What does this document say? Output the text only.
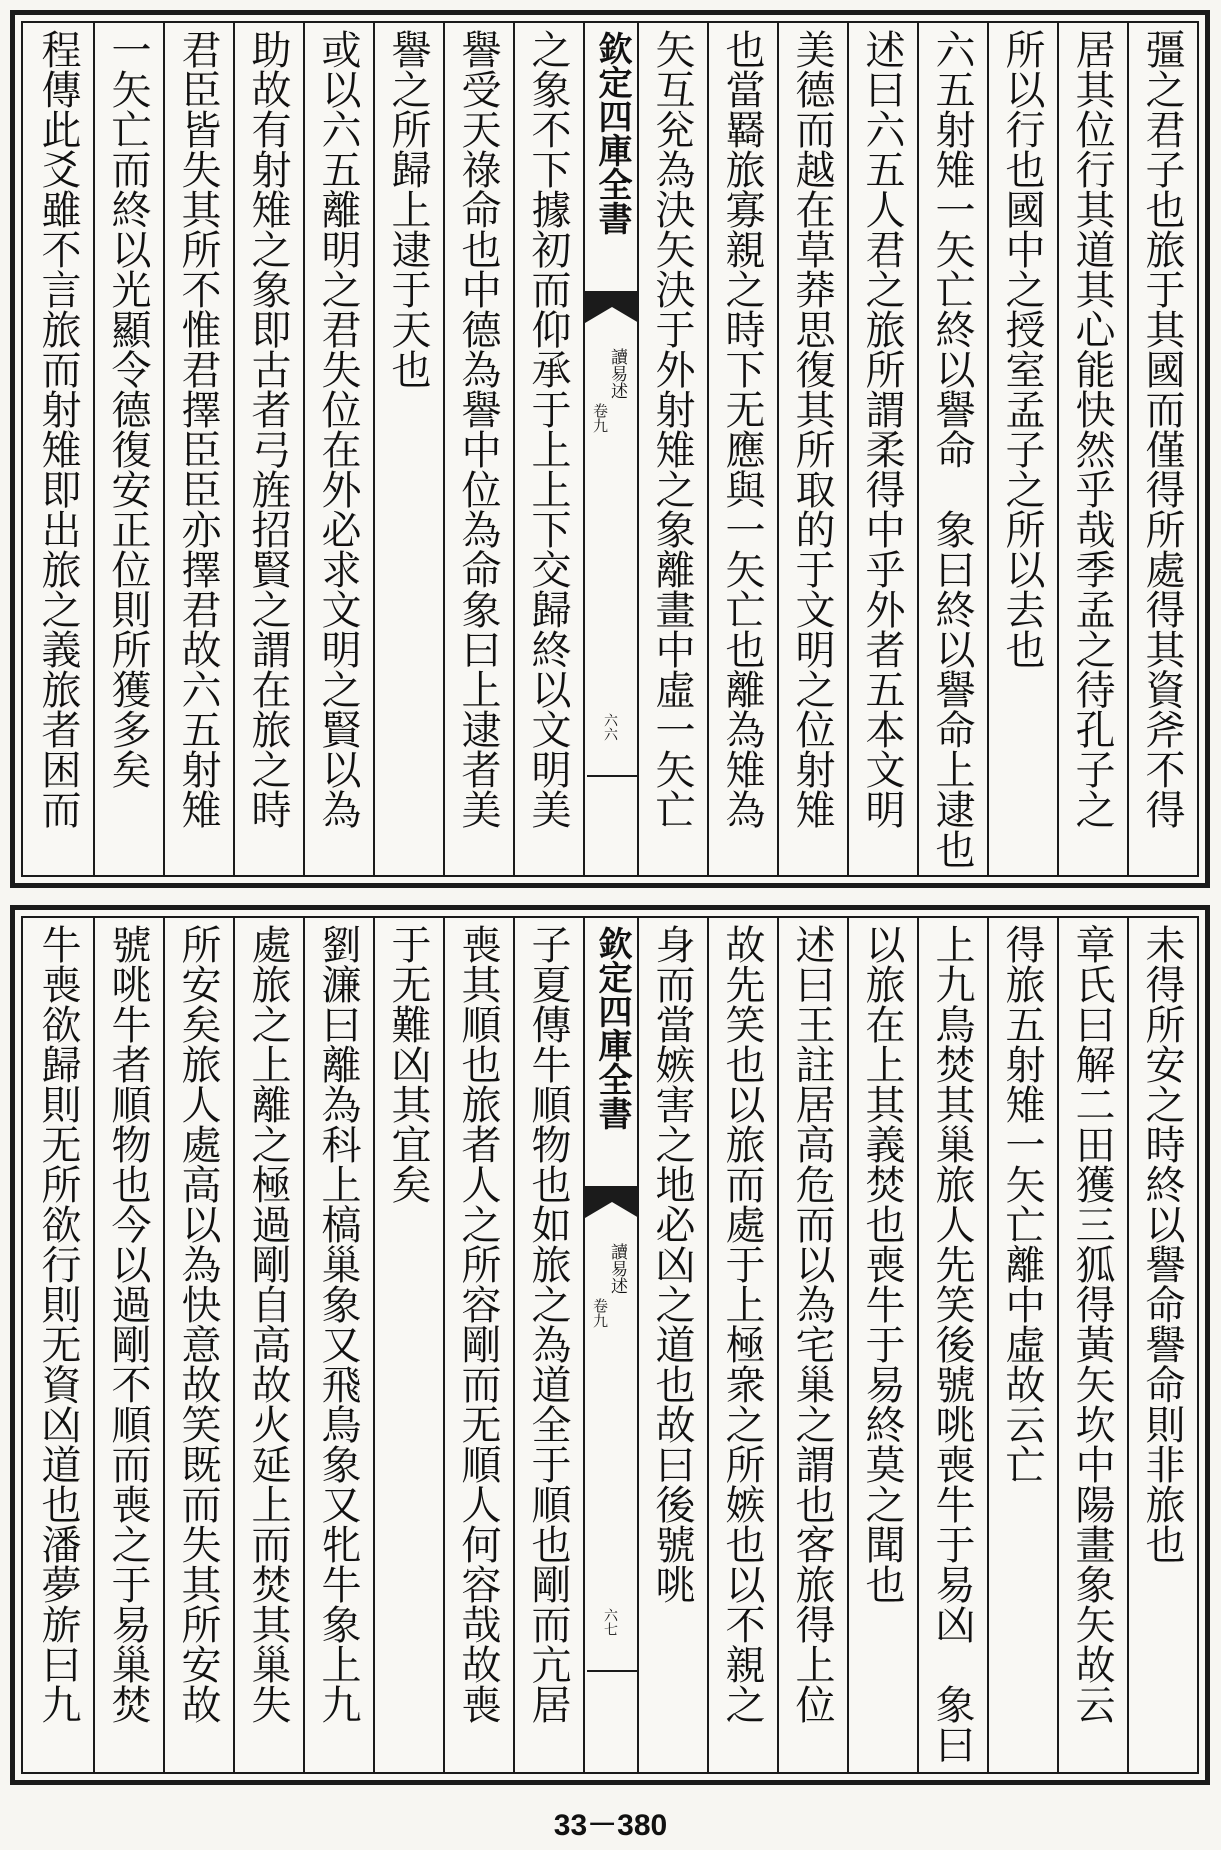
彊之君子也旅于其國而僅得所處得其資斧不得
居其位行其道其心能快然乎哉季孟之待孔子之
所以行也國中之授室孟子之所以去也
六五射雉一矢亡終以譽命　象曰終以譽命上逮也
述曰六五人君之旅所謂柔得中乎外者五本文明
美德而越在草莽思復其所取的于文明之位射雉
也當羇旅寡親之時下无應與一矢亡也離為雉為
矢互兊為決矢決于外射雉之象離畫中虛一矢亡
欽定四庫全書
讀易述
卷九
六六
之象不下據初而仰承于上上下交歸終以文明美
譽受天祿命也中德為譽中位為命象曰上逮者美
譽之所歸上逮于天也
或以六五離明之君失位在外必求文明之賢以為
助故有射雉之象即古者弓旌招賢之謂在旅之時
君臣皆失其所不惟君擇臣臣亦擇君故六五射雉
一矢亡而終以光顯令德復安正位則所獲多矣
程傳此爻雖不言旅而射雉即出旅之義旅者困而
未得所安之時終以譽命譽命則非旅也
章氏曰解二田獲三狐得黃矢坎中陽畫象矢故云
得旅五射雉一矢亡離中虛故云亡
上九鳥焚其巢旅人先笑後號咷喪牛于易凶　象曰
以旅在上其義焚也喪牛于易終莫之聞也
述曰王註居高危而以為宅巢之謂也客旅得上位
故先笑也以旅而處于上極衆之所嫉也以不親之
身而當嫉害之地必凶之道也故曰後號咷
欽定四庫全書
讀易述
卷九
六七
子夏傳牛順物也如旅之為道全于順也剛而亢居
喪其順也旅者人之所容剛而无順人何容哉故喪
于无難凶其宜矣
劉濂曰離為科上槁巢象又飛鳥象又牝牛象上九
處旅之上離之極過剛自高故火延上而焚其巢失
所安矣旅人處高以為快意故笑既而失其所安故
號咷牛者順物也今以過剛不順而喪之于易巢焚
牛喪欲歸則无所欲行則无資凶道也潘夢旂曰九
33－380
